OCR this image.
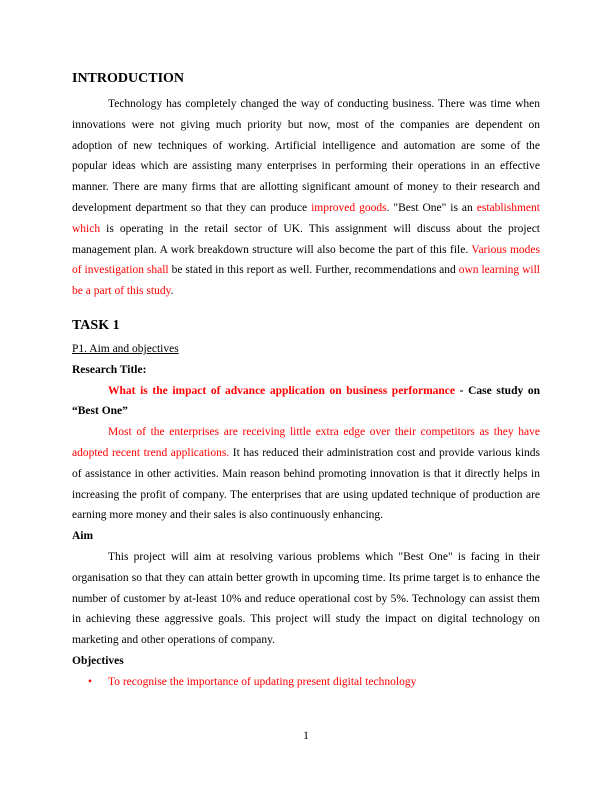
INTRODUCTION

Technology has completely changed the way of conducting business. There was time when innovations were not giving much priority but now, most of the companies are dependent on adoption of new techniques of working. Artificial intelligence and automation are some of the popular ideas which are assisting many enterprises in performing their operations in an effective manner. There are many firms that are allotting significant amount of money to their research and development department so that they can produce improved goods. "Best One" is an establishment which is operating in the retail sector of UK. This assignment will discuss about the project management plan. A work breakdown structure will also become the part of this file. Various modes of investigation shall be stated in this report as well. Further, recommendations and own learning will be a part of this study.

TASK 1

P1. Aim and objectives

Research Title:

What is the impact of advance application on business performance - Case study on “Best One”

Most of the enterprises are receiving little extra edge over their competitors as they have adopted recent trend applications. It has reduced their administration cost and provide various kinds of assistance in other activities. Main reason behind promoting innovation is that it directly helps in increasing the profit of company. The enterprises that are using updated technique of production are earning more money and their sales is also continuously enhancing.

Aim

This project will aim at resolving various problems which "Best One" is facing in their organisation so that they can attain better growth in upcoming time. Its prime target is to enhance the number of customer by at-least 10% and reduce operational cost by 5%. Technology can assist them in achieving these aggressive goals. This project will study the impact on digital technology on marketing and other operations of company.

Objectives

• To recognise the importance of updating present digital technology
1
